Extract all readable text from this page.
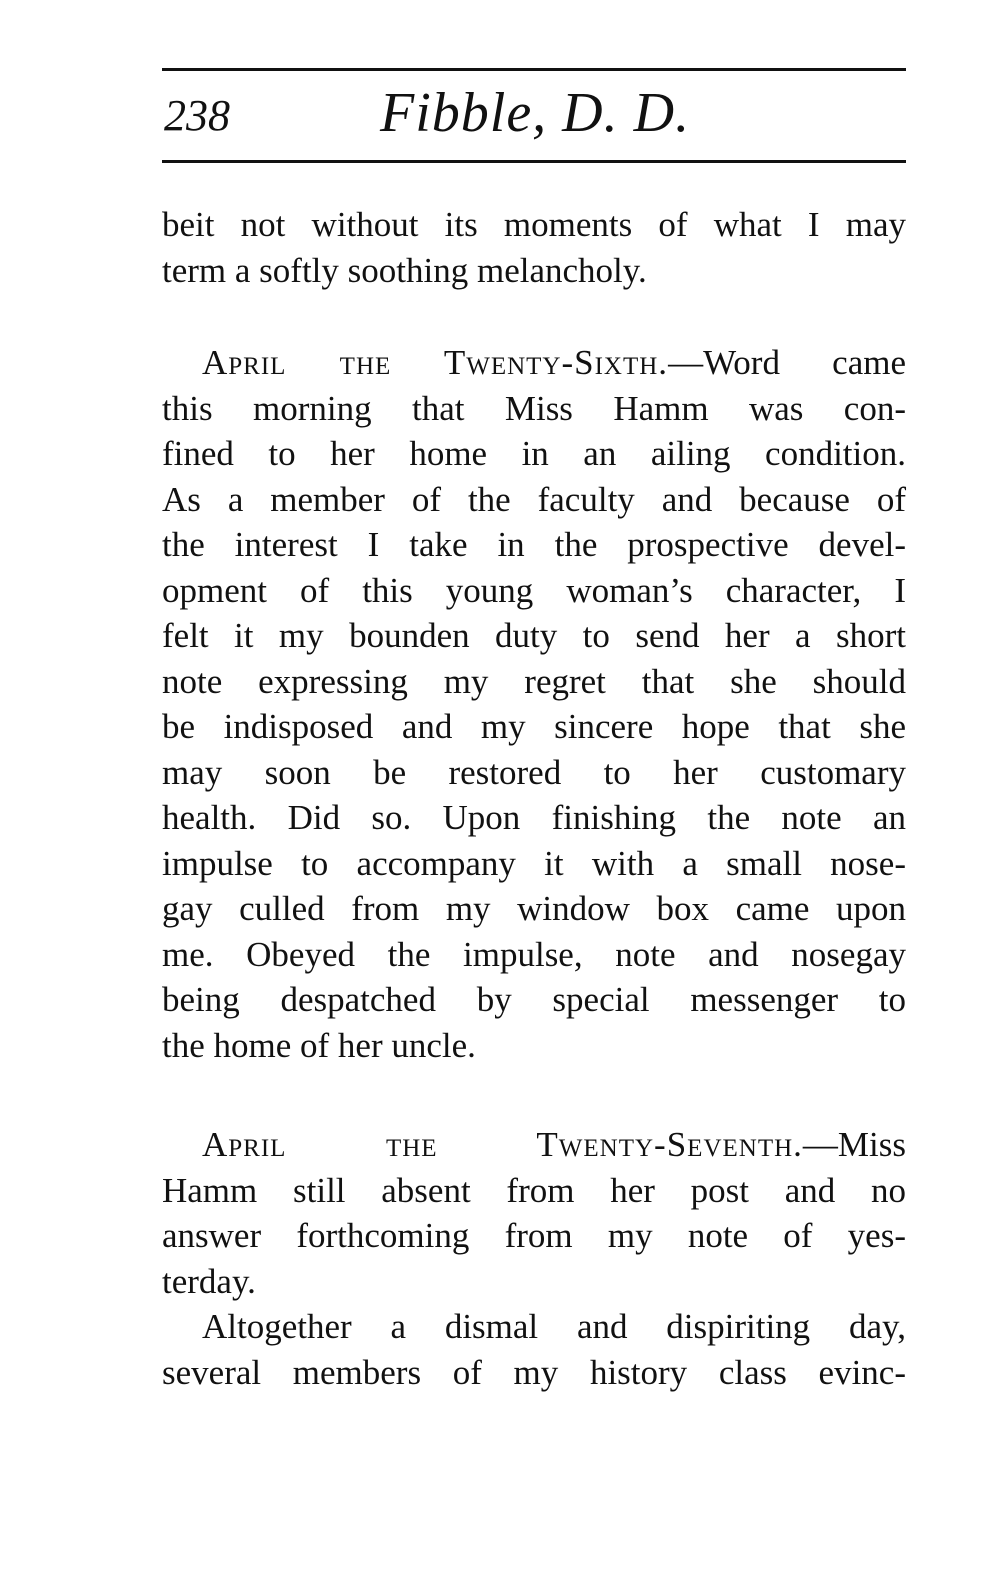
238	Fibble, D. D.
beit not without its moments of what I may
term a softly soothing melancholy.
April the Twenty-Sixth.—Word came
this morning that Miss Hamm was con-
fined to her home in an ailing condition.
As a member of the faculty and because of
the interest I take in the prospective devel-
opment of this young woman’s character, I
felt it my bounden duty to send her a short
note expressing my regret that she should
be indisposed and my sincere hope that she
may soon be restored to her customary
health. Did so. Upon finishing the note an
impulse to accompany it with a small nose-
gay culled from my window box came upon
me. Obeyed the impulse, note and nosegay
being despatched by special messenger to
the home of her uncle.
April the Twenty-Seventh.—Miss
Hamm still absent from her post and no
answer forthcoming from my note of yes-
terday.
Altogether a dismal and dispiriting day,
several members of my history class evinc-
